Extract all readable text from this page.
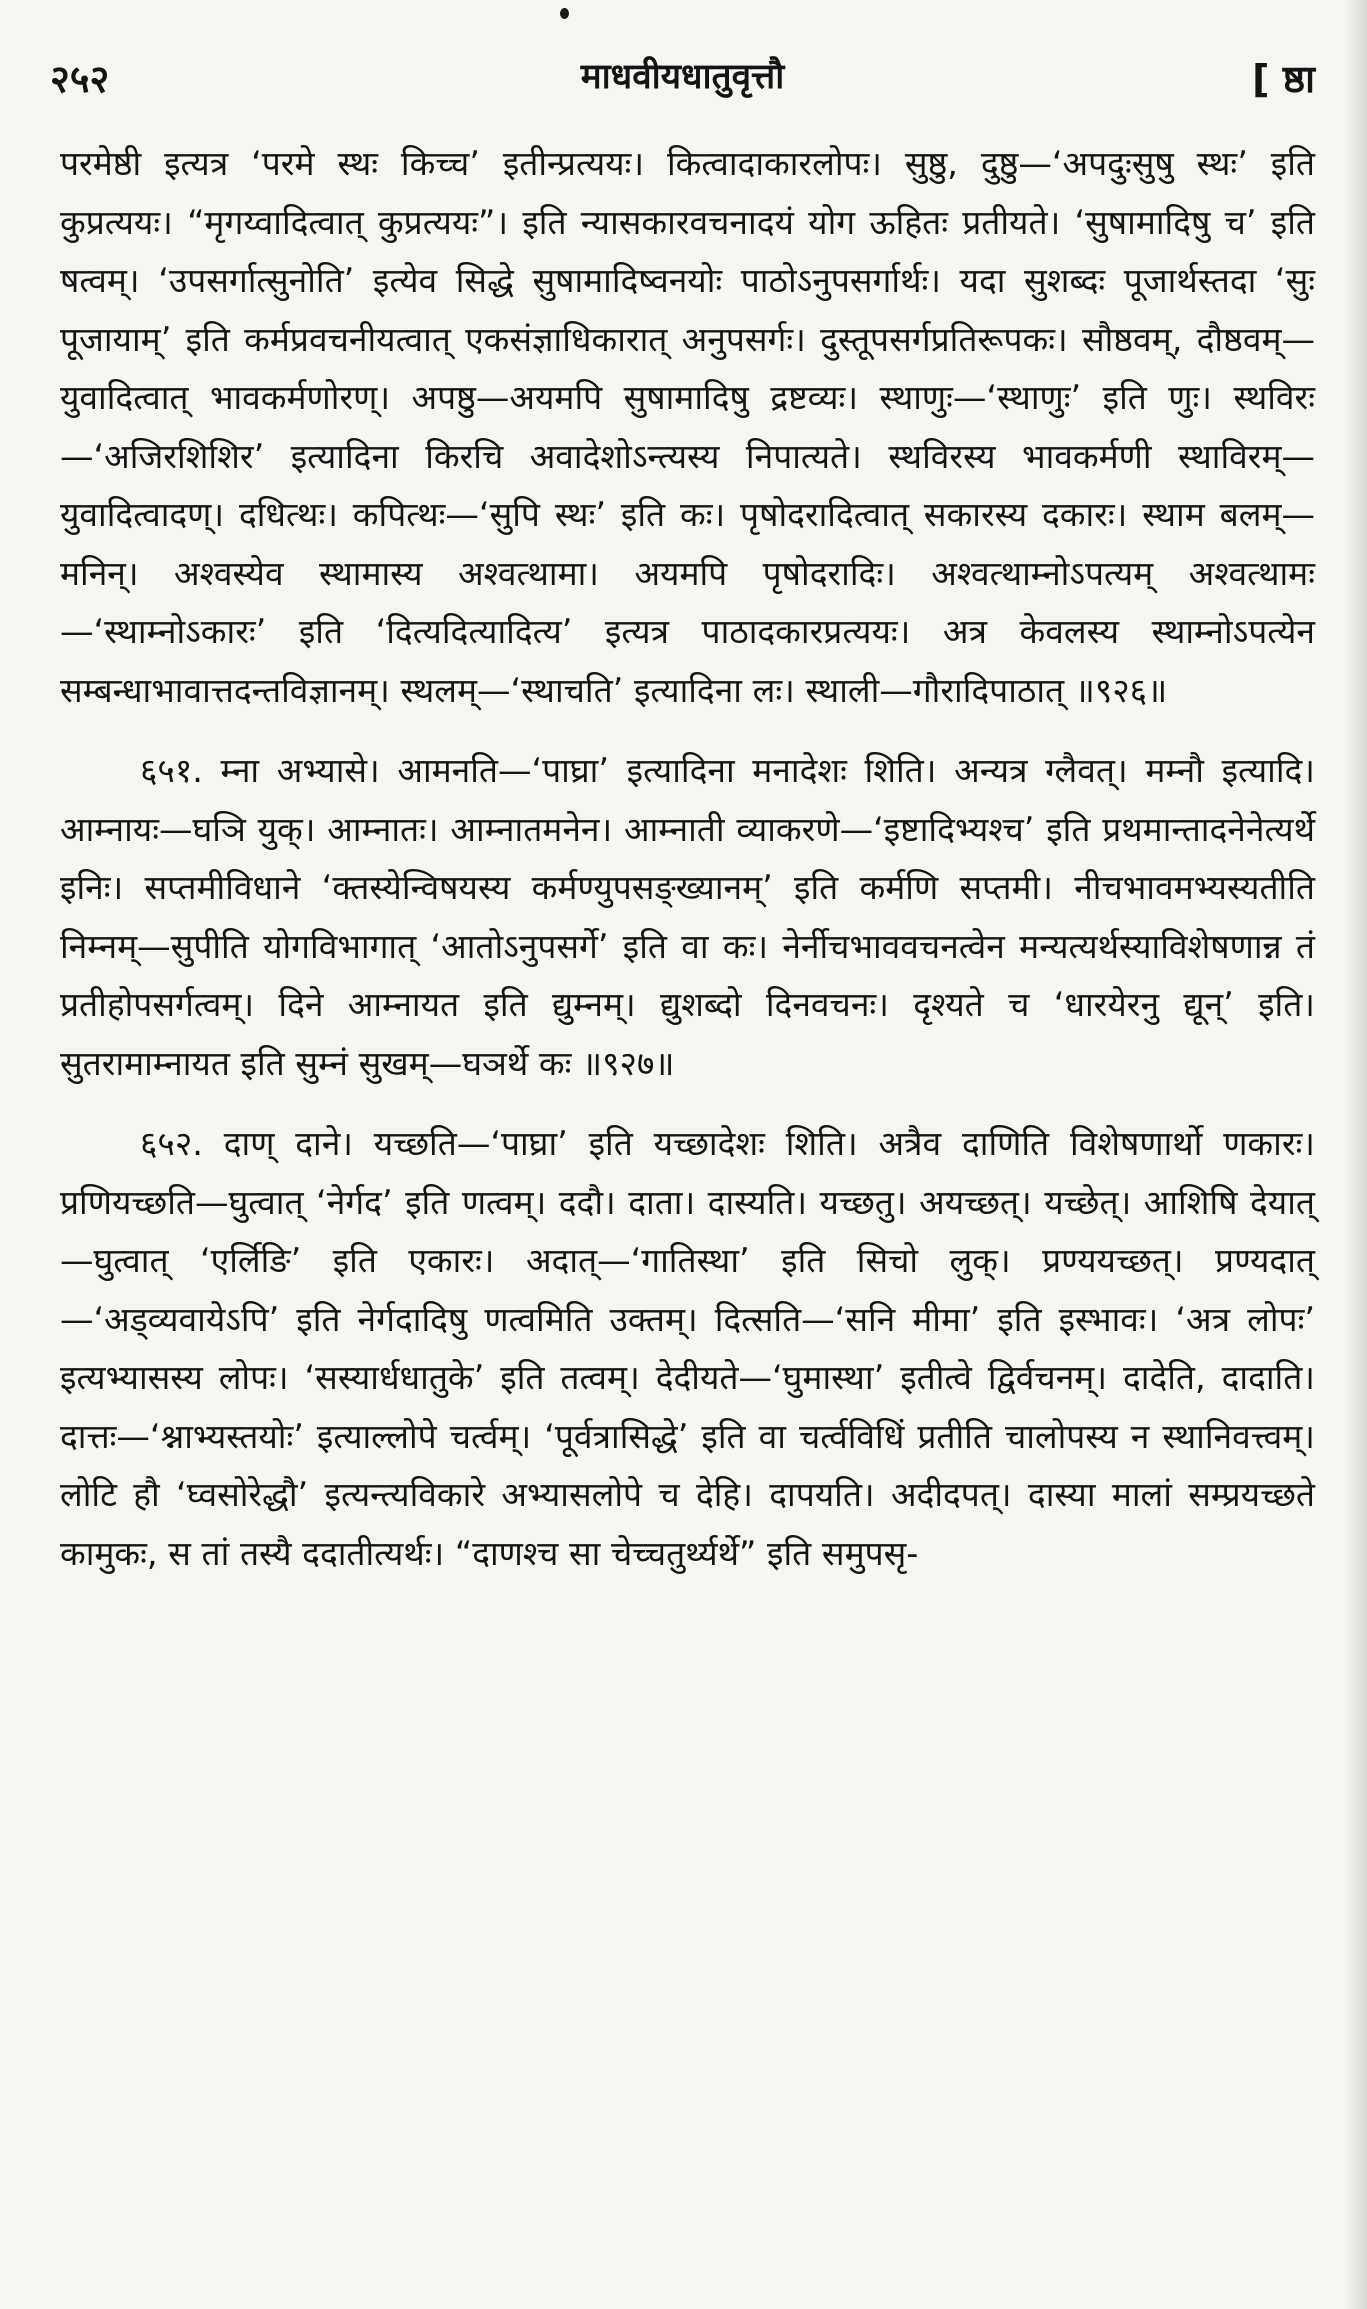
२५२	माधवीयधातुवृत्तौ	[ ष्ठा

परमेष्ठी इत्यत्र ‘परमे स्थः किच्च’ इतीन्प्रत्ययः। कित्वादाकारलोपः। सुष्ठु, दुष्ठु—‘अपदुःसुषु स्थः’ इति कुप्रत्ययः। “मृगय्वादित्वात् कुप्रत्ययः”। इति न्यासकारवचनादयं योग ऊहितः प्रतीयते। ‘सुषामादिषु च’ इति षत्वम्। ‘उपसर्गात्सुनोति’ इत्येव सिद्धे सुषामादिष्वनयोः पाठोऽनुपसर्गार्थः। यदा सुशब्दः पूजार्थस्तदा ‘सुः पूजायाम्’ इति कर्मप्रवचनीयत्वात् एकसंज्ञाधिकारात् अनुपसर्गः। दुस्तूपसर्गप्रतिरूपकः। सौष्ठवम्, दौष्ठवम्—युवादित्वात् भावकर्मणोरण्। अपष्ठु—अयमपि सुषामादिषु द्रष्टव्यः। स्थाणुः—‘स्थाणुः’ इति णुः। स्थविरः—‘अजिरशिशिर’ इत्यादिना किरचि अवादेशोऽन्त्यस्य निपात्यते। स्थविरस्य भावकर्मणी स्थाविरम्—युवादित्वादण्। दधित्थः। कपित्थः—‘सुपि स्थः’ इति कः। पृषोदरादित्वात् सकारस्य दकारः। स्थाम बलम्—मनिन्। अश्वस्येव स्थामास्य अश्वत्थामा। अयमपि पृषोदरादिः। अश्वत्थाम्नोऽपत्यम् अश्वत्थामः—‘स्थाम्नोऽकारः’ इति ‘दित्यदित्यादित्य’ इत्यत्र पाठादकारप्रत्ययः। अत्र केवलस्य स्थाम्नोऽपत्येन सम्बन्धाभावात्तदन्तविज्ञानम्। स्थलम्—‘स्थाचति’ इत्यादिना लः। स्थाली—गौरादिपाठात् ॥९२६॥

६५१. म्ना अभ्यासे। आमनति—‘पाघ्रा’ इत्यादिना मनादेशः शिति। अन्यत्र ग्लैवत्। मम्नौ इत्यादि। आम्नायः—घञि युक्। आम्नातः। आम्नातमनेन। आम्नाती व्याकरणे—‘इष्टादिभ्यश्च’ इति प्रथमान्तादनेनेत्यर्थे इनिः। सप्तमीविधाने ‘क्तस्येन्विषयस्य कर्मण्युपसङ्ख्यानम्’ इति कर्मणि सप्तमी। नीचभावमभ्यस्यतीति निम्नम्—सुपीति योगविभागात् ‘आतोऽनुपसर्गे’ इति वा कः। नेर्नीचभाववचनत्वेन मन्यत्यर्थस्याविशेषणान्न तं प्रतीहोपसर्गत्वम्। दिने आम्नायत इति द्युम्नम्। द्युशब्दो दिनवचनः। दृश्यते च ‘धारयेरनु द्यून्’ इति। सुतरामाम्नायत इति सुम्नं सुखम्—घञर्थे कः ॥९२७॥

६५२. दाण् दाने। यच्छति—‘पाघ्रा’ इति यच्छादेशः शिति। अत्रैव दाणिति विशेषणार्थो णकारः। प्रणियच्छति—घुत्वात् ‘नेर्गद’ इति णत्वम्। ददौ। दाता। दास्यति। यच्छतु। अयच्छत्। यच्छेत्। आशिषि देयात्—घुत्वात् ‘एर्लिङि’ इति एकारः। अदात्—‘गातिस्था’ इति सिचो लुक्। प्रण्ययच्छत्। प्रण्यदात्—‘अड्व्यवायेऽपि’ इति नेर्गदादिषु णत्वमिति उक्तम्। दित्सति—‘सनि मीमा’ इति इस्भावः। ‘अत्र लोपः’ इत्यभ्यासस्य लोपः। ‘सस्यार्धधातुके’ इति तत्वम्। देदीयते—‘घुमास्था’ इतीत्वे द्विर्वचनम्। दादेति, दादाति। दात्तः—‘श्नाभ्यस्तयोः’ इत्याल्लोपे चर्त्वम्। ‘पूर्वत्रासिद्धे’ इति वा चर्त्वविधिं प्रतीति चालोपस्य न स्थानिवत्त्वम्। लोटि हौ ‘घ्वसोरेद्धौ’ इत्यन्त्यविकारे अभ्यासलोपे च देहि। दापयति। अदीदपत्। दास्या मालां सम्प्रयच्छते कामुकः, स तां तस्यै ददातीत्यर्थः। “दाणश्च सा चेच्चतुर्थ्यर्थे” इति समुपसृ-
